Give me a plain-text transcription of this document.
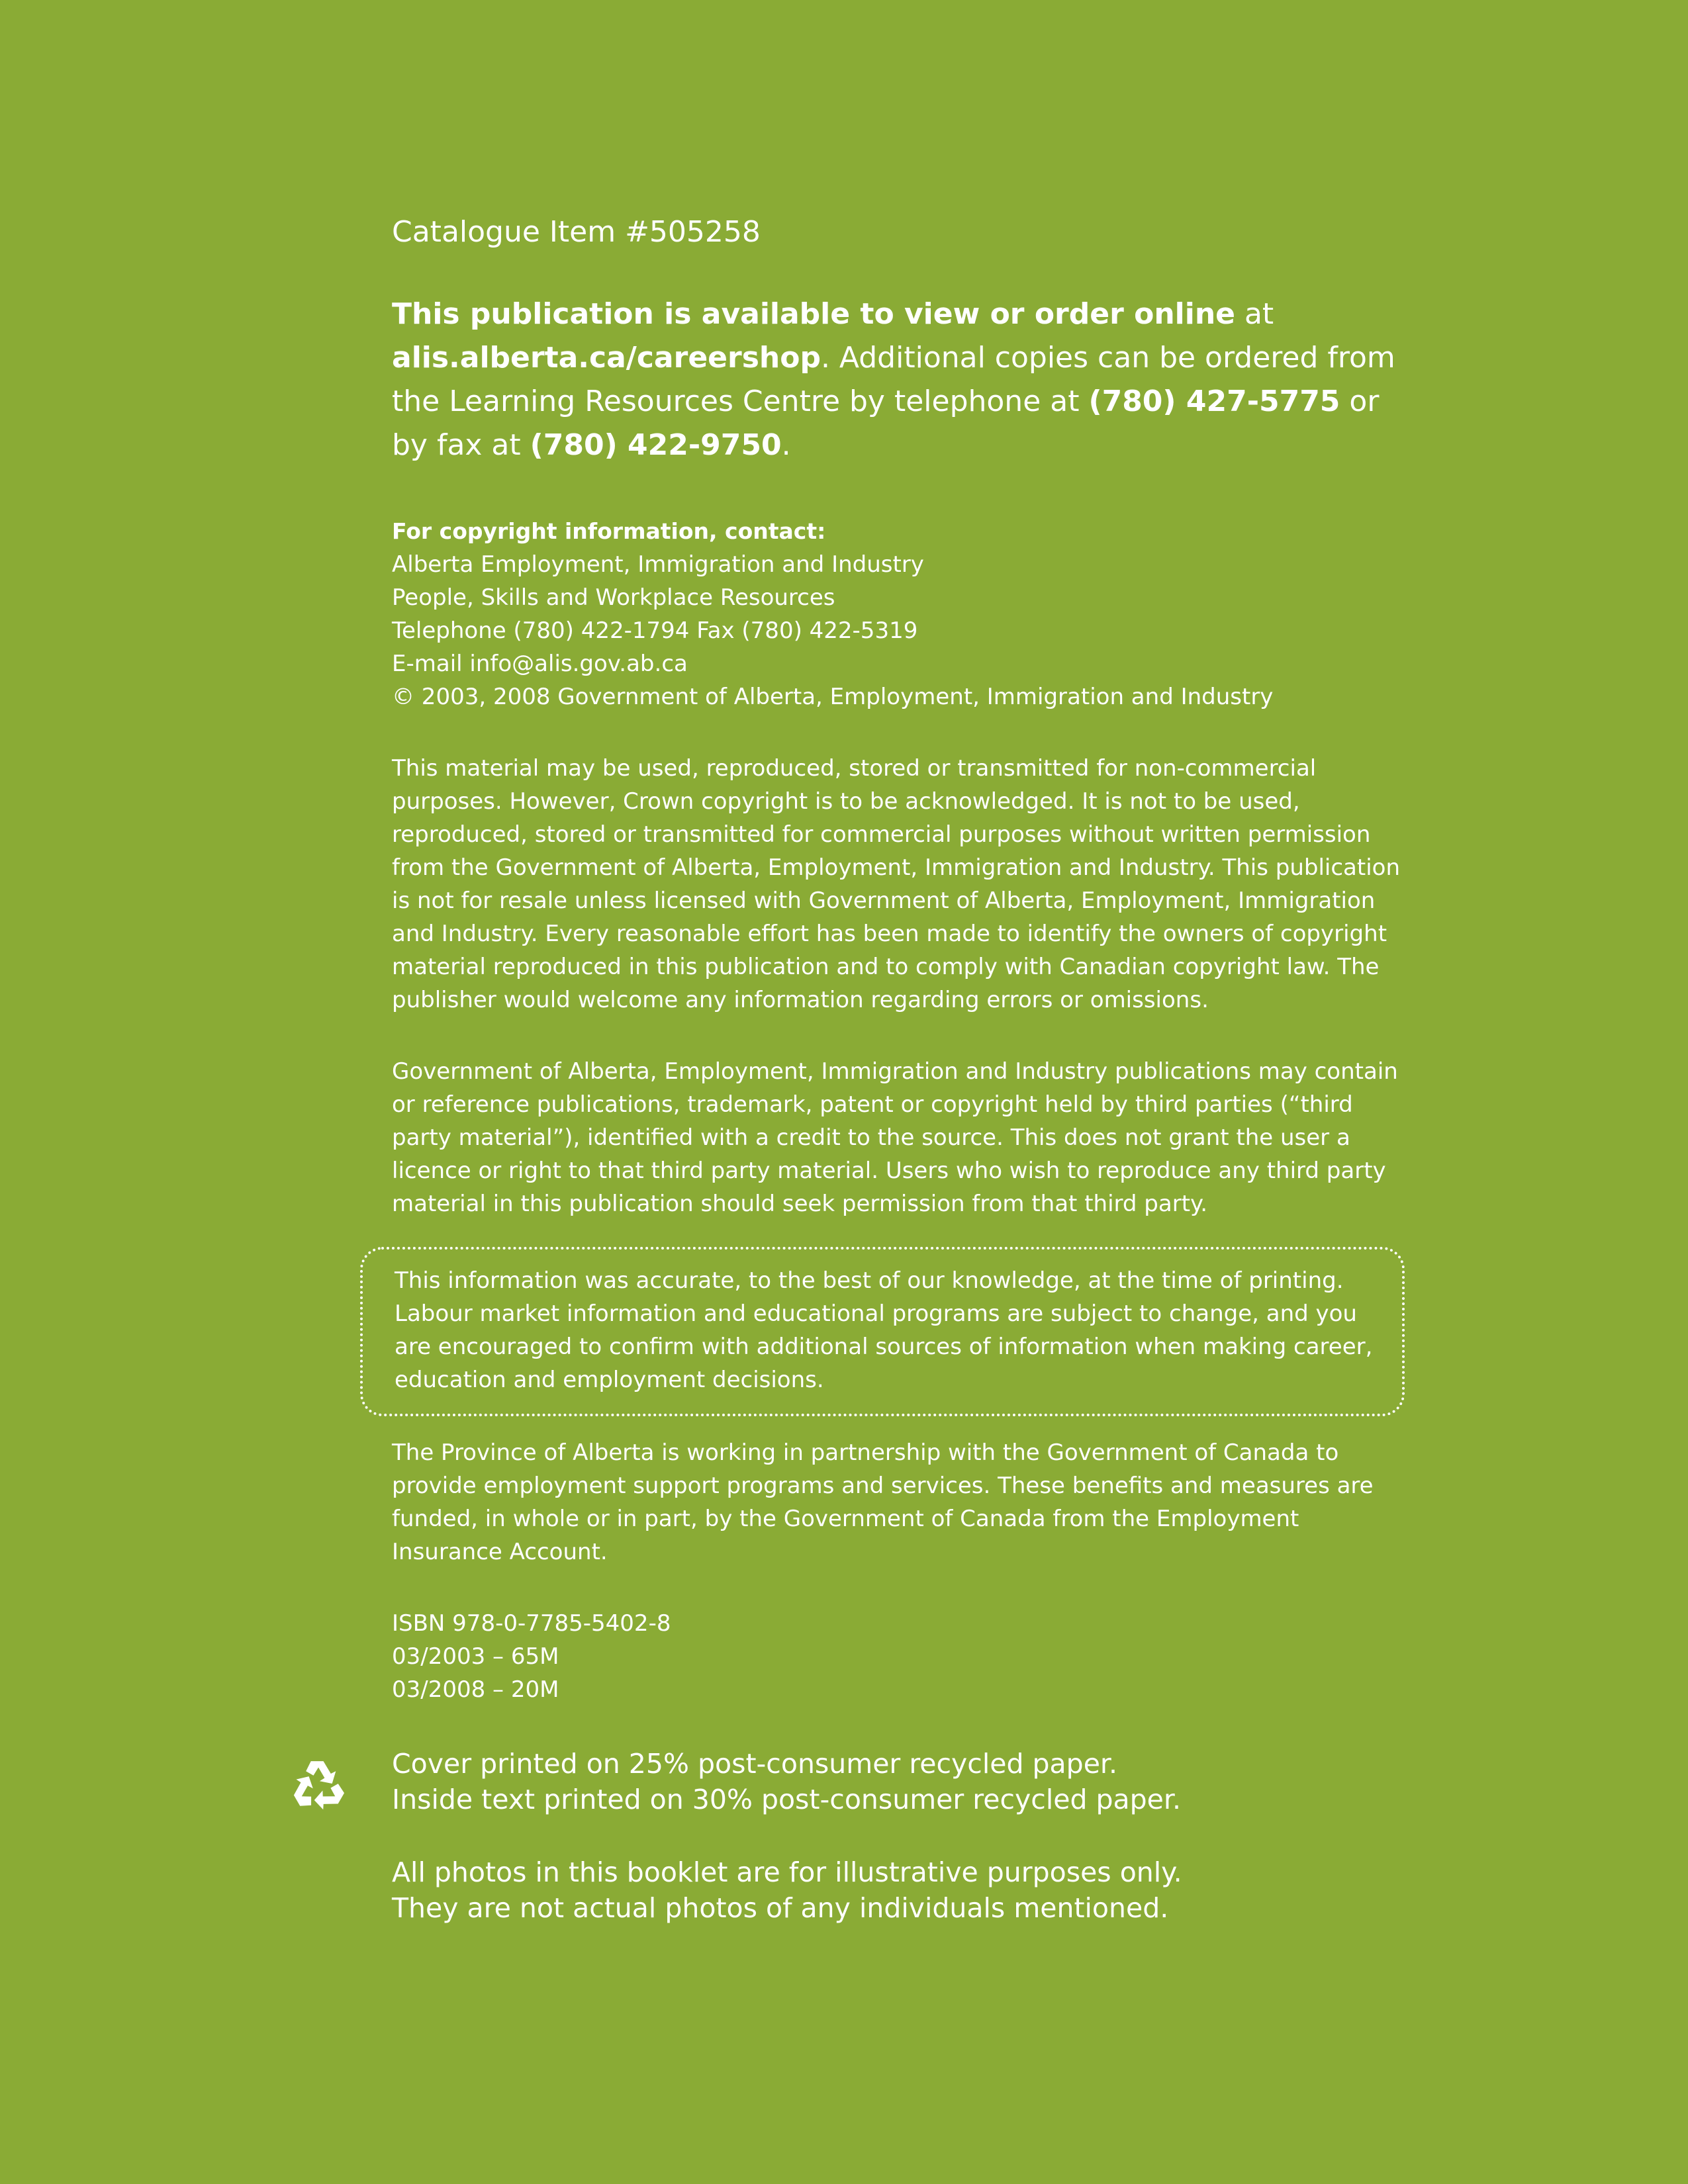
Catalogue Item #505258

This publication is available to view or order online at alis.alberta.ca/careershop. Additional copies can be ordered from the Learning Resources Centre by telephone at (780) 427-5775 or by fax at (780) 422-9750.

For copyright information, contact:

Alberta Employment, Immigration and Industry

People, Skills and Workplace Resources

Telephone (780) 422-1794 Fax (780) 422-5319

E-mail info@alis.gov.ab.ca

© 2003, 2008 Government of Alberta, Employment, Immigration and Industry

This material may be used, reproduced, stored or transmitted for non-commercial purposes. However, Crown copyright is to be acknowledged. It is not to be used, reproduced, stored or transmitted for commercial purposes without written permission from the Government of Alberta, Employment, Immigration and Industry. This publication is not for resale unless licensed with Government of Alberta, Employment, Immigration and Industry. Every reasonable effort has been made to identify the owners of copyright material reproduced in this publication and to comply with Canadian copyright law. The publisher would welcome any information regarding errors or omissions.

Government of Alberta, Employment, Immigration and Industry publications may contain or reference publications, trademark, patent or copyright held by third parties (“third party material”), identified with a credit to the source. This does not grant the user a licence or right to that third party material. Users who wish to reproduce any third party material in this publication should seek permission from that third party.

This information was accurate, to the best of our knowledge, at the time of printing. Labour market information and educational programs are subject to change, and you are encouraged to confirm with additional sources of information when making career, education and employment decisions.

The Province of Alberta is working in partnership with the Government of Canada to provide employment support programs and services. These benefits and measures are funded, in whole or in part, by the Government of Canada from the Employment Insurance Account.

ISBN 978-0-7785-5402-8

03/2003 – 65M

03/2008 – 20M

Cover printed on 25% post-consumer recycled paper.

Inside text printed on 30% post-consumer recycled paper.

All photos in this booklet are for illustrative purposes only.

They are not actual photos of any individuals mentioned.
